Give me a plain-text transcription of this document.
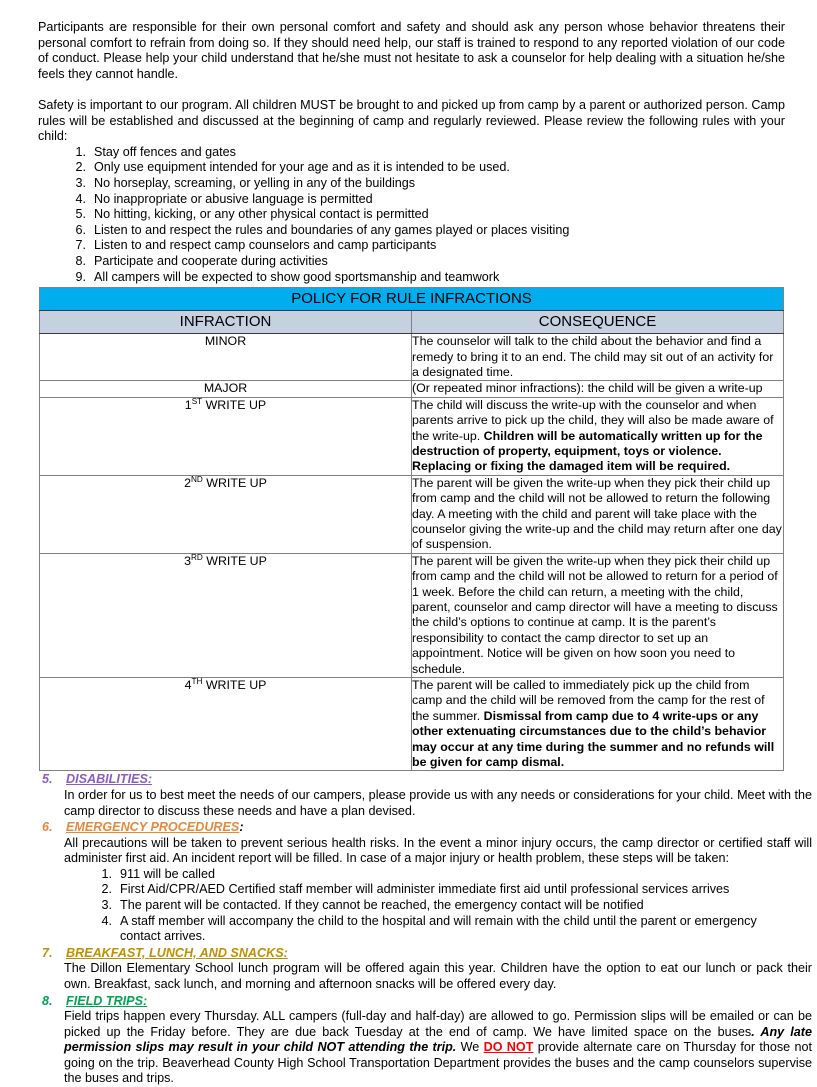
Participants are responsible for their own personal comfort and safety and should ask any person whose behavior threatens their personal comfort to refrain from doing so. If they should need help, our staff is trained to respond to any reported violation of our code of conduct. Please help your child understand that he/she must not hesitate to ask a counselor for help dealing with a situation he/she feels they cannot handle.

Safety is important to our program. All children MUST be brought to and picked up from camp by a parent or authorized person. Camp rules will be established and discussed at the beginning of camp and regularly reviewed. Please review the following rules with your child:

1. Stay off fences and gates
2. Only use equipment intended for your age and as it is intended to be used.
3. No horseplay, screaming, or yelling in any of the buildings
4. No inappropriate or abusive language is permitted
5. No hitting, kicking, or any other physical contact is permitted
6. Listen to and respect the rules and boundaries of any games played or places visiting
7. Listen to and respect camp counselors and camp participants
8. Participate and cooperate during activities
9. All campers will be expected to show good sportsmanship and teamwork
POLICY FOR RULE INFRACTIONS	
INFRACTION	CONSEQUENCE
MINOR	The counselor will talk to the child about the behavior and find a remedy to bring it to an end. The child may sit out of an activity for a designated time.
MAJOR	(Or repeated minor infractions): the child will be given a write-up
1ST WRITE UP	The child will discuss the write-up with the counselor and when parents arrive to pick up the child, they will also be made aware of the write-up. Children will be automatically written up for the destruction of property, equipment, toys or violence. Replacing or fixing the damaged item will be required.
2ND WRITE UP	The parent will be given the write-up when they pick their child up from camp and the child will not be allowed to return the following day. A meeting with the child and parent will take place with the counselor giving the write-up and the child may return after one day of suspension.
3RD WRITE UP	The parent will be given the write-up when they pick their child up from camp and the child will not be allowed to return for a period of 1 week. Before the child can return, a meeting with the child, parent, counselor and camp director will have a meeting to discuss the child’s options to continue at camp. It is the parent’s responsibility to contact the camp director to set up an appointment. Notice will be given on how soon you need to schedule.
4TH WRITE UP	The parent will be called to immediately pick up the child from camp and the child will be removed from the camp for the rest of the summer. Dismissal from camp due to 4 write-ups or any other extenuating circumstances due to the child’s behavior may occur at any time during the summer and no refunds will be given for camp dismal.
5.	DISABILITIES:
In order for us to best meet the needs of our campers, please provide us with any needs or considerations for your child. Meet with the camp director to discuss these needs and have a plan devised.
6.	EMERGENCY PROCEDURES:
All precautions will be taken to prevent serious health risks. In the event a minor injury occurs, the camp director or certified staff will administer first aid. An incident report will be filled. In case of a major injury or health problem, these steps will be taken:
1. 911 will be called
2. First Aid/CPR/AED Certified staff member will administer immediate first aid until professional services arrives
3. The parent will be contacted. If they cannot be reached, the emergency contact will be notified
4. A staff member will accompany the child to the hospital and will remain with the child until the parent or emergency contact arrives.
7.	BREAKFAST, LUNCH, AND SNACKS:
The Dillon Elementary School lunch program will be offered again this year. Children have the option to eat our lunch or pack their own. Breakfast, sack lunch, and morning and afternoon snacks will be offered every day.
8.	FIELD TRIPS:
Field trips happen every Thursday. ALL campers (full-day and half-day) are allowed to go. Permission slips will be emailed or can be picked up the Friday before. They are due back Tuesday at the end of camp. We have limited space on the buses. Any late permission slips may result in your child NOT attending the trip. We DO NOT provide alternate care on Thursday for those not going on the trip. Beaverhead County High School Transportation Department provides the buses and the camp counselors supervise the buses and trips.
